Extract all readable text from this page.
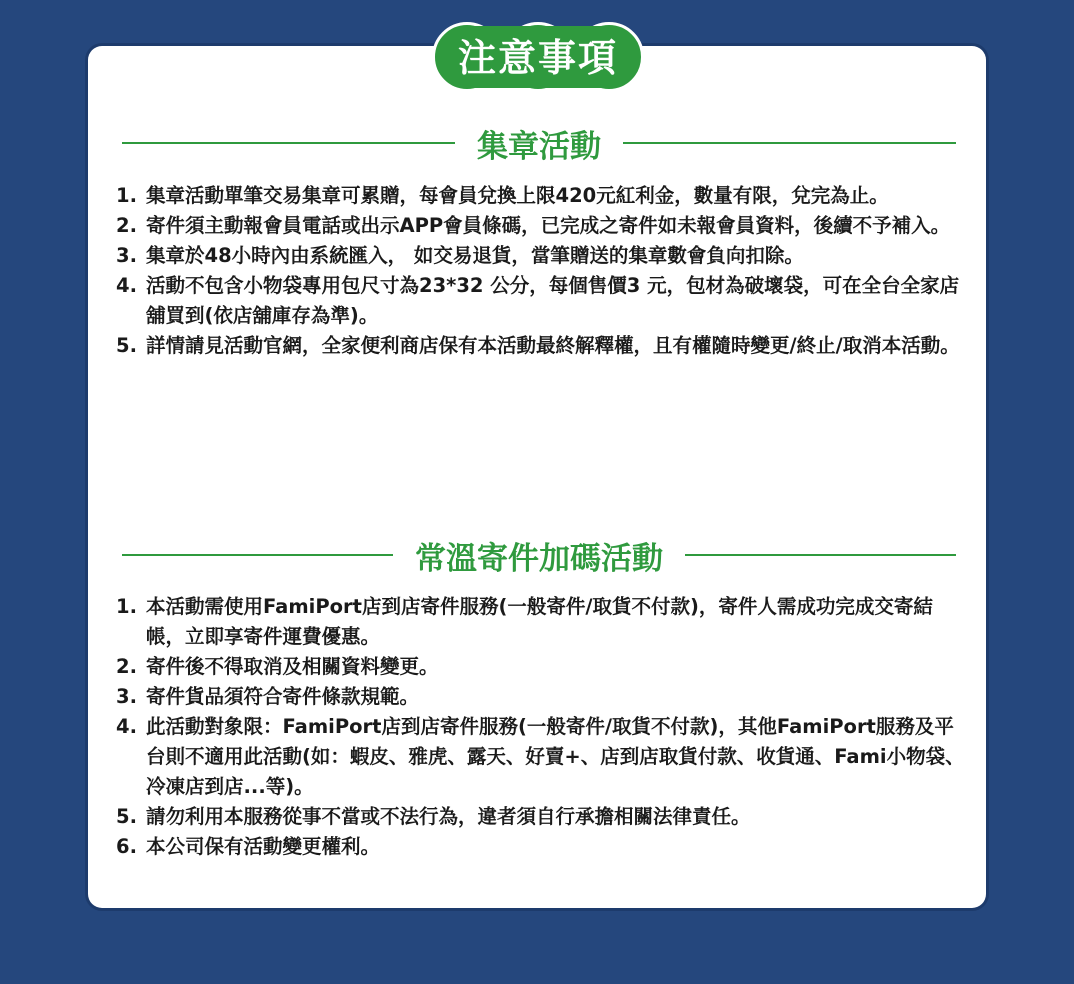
注意事項
集章活動
1. 集章活動單筆交易集章可累贈，每會員兌換上限420元紅利金，數量有限，兌完為止。
2. 寄件須主動報會員電話或出示APP會員條碼，已完成之寄件如未報會員資料，後續不予補入。
3. 集章於48小時內由系統匯入， 如交易退貨，當筆贈送的集章數會負向扣除。
4. 活動不包含小物袋專用包尺寸為23*32 公分，每個售價3 元，包材為破壞袋，可在全台全家店舖買到(依店舖庫存為準)。
5. 詳情請見活動官網，全家便利商店保有本活動最終解釋權，且有權隨時變更/終止/取消本活動。
常溫寄件加碼活動
1. 本活動需使用FamiPort店到店寄件服務(一般寄件/取貨不付款)，寄件人需成功完成交寄結帳，立即享寄件運費優惠。
2. 寄件後不得取消及相關資料變更。
3. 寄件貨品須符合寄件條款規範。
4. 此活動對象限：FamiPort店到店寄件服務(一般寄件/取貨不付款)，其他FamiPort服務及平台則不適用此活動(如：蝦皮、雅虎、露天、好賣+、店到店取貨付款、收貨通、Fami小物袋、冷凍店到店...等)。
5. 請勿利用本服務從事不當或不法行為，違者須自行承擔相關法律責任。
6. 本公司保有活動變更權利。
